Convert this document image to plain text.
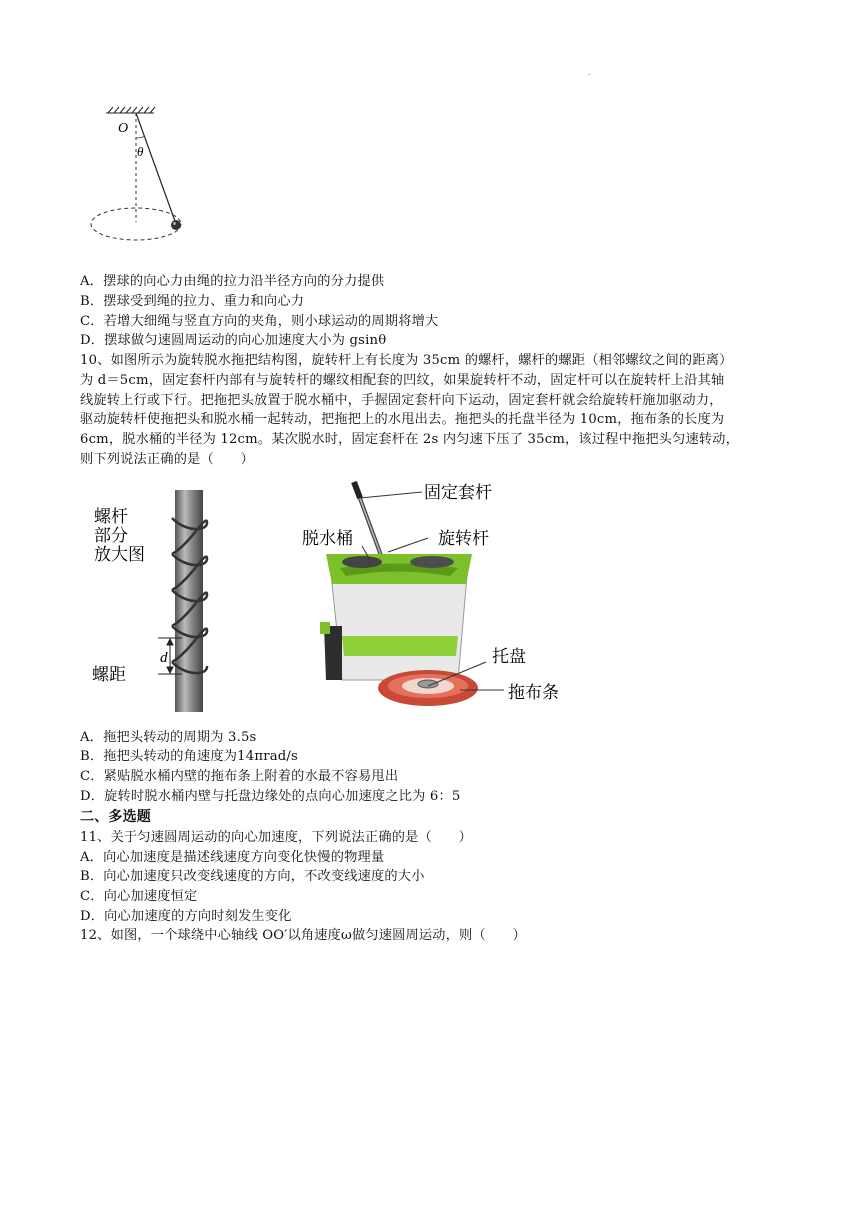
.
O
θ
A．摆球的向心力由绳的拉力沿半径方向的分力提供
B．摆球受到绳的拉力、重力和向心力
C．若增大细绳与竖直方向的夹角，则小球运动的周期将增大
D．摆球做匀速圆周运动的向心加速度大小为 gsinθ
10、如图所示为旋转脱水拖把结构图，旋转杆上有长度为 35cm 的螺杆，螺杆的螺距（相邻螺纹之间的距离）
为 d＝5cm，固定套杆内部有与旋转杆的螺纹相配套的凹纹，如果旋转杆不动，固定杆可以在旋转杆上沿其轴
线旋转上行或下行。把拖把头放置于脱水桶中，手握固定套杆向下运动，固定套杆就会给旋转杆施加驱动力，
驱动旋转杆使拖把头和脱水桶一起转动，把拖把上的水甩出去。拖把头的托盘半径为 10cm，拖布条的长度为
6cm，脱水桶的半径为 12cm。某次脱水时，固定套杆在 2s 内匀速下压了 35cm，该过程中拖把头匀速转动，
则下列说法正确的是（　　）
螺杆
部分
放大图
d
螺距
固定套杆
脱水桶	旋转杆
托盘
拖布条
A．拖把头转动的周期为 3.5s
B．拖把头转动的角速度为14πrad/s
C．紧贴脱水桶内壁的拖布条上附着的水最不容易甩出
D．旋转时脱水桶内壁与托盘边缘处的点向心加速度之比为 6：5
二、多选题
11、关于匀速圆周运动的向心加速度，下列说法正确的是（　　）
A．向心加速度是描述线速度方向变化快慢的物理量
B．向心加速度只改变线速度的方向，不改变线速度的大小
C．向心加速度恒定
D．向心加速度的方向时刻发生变化
12、如图，一个球绕中心轴线 OO′以角速度ω做匀速圆周运动，则（　　）
